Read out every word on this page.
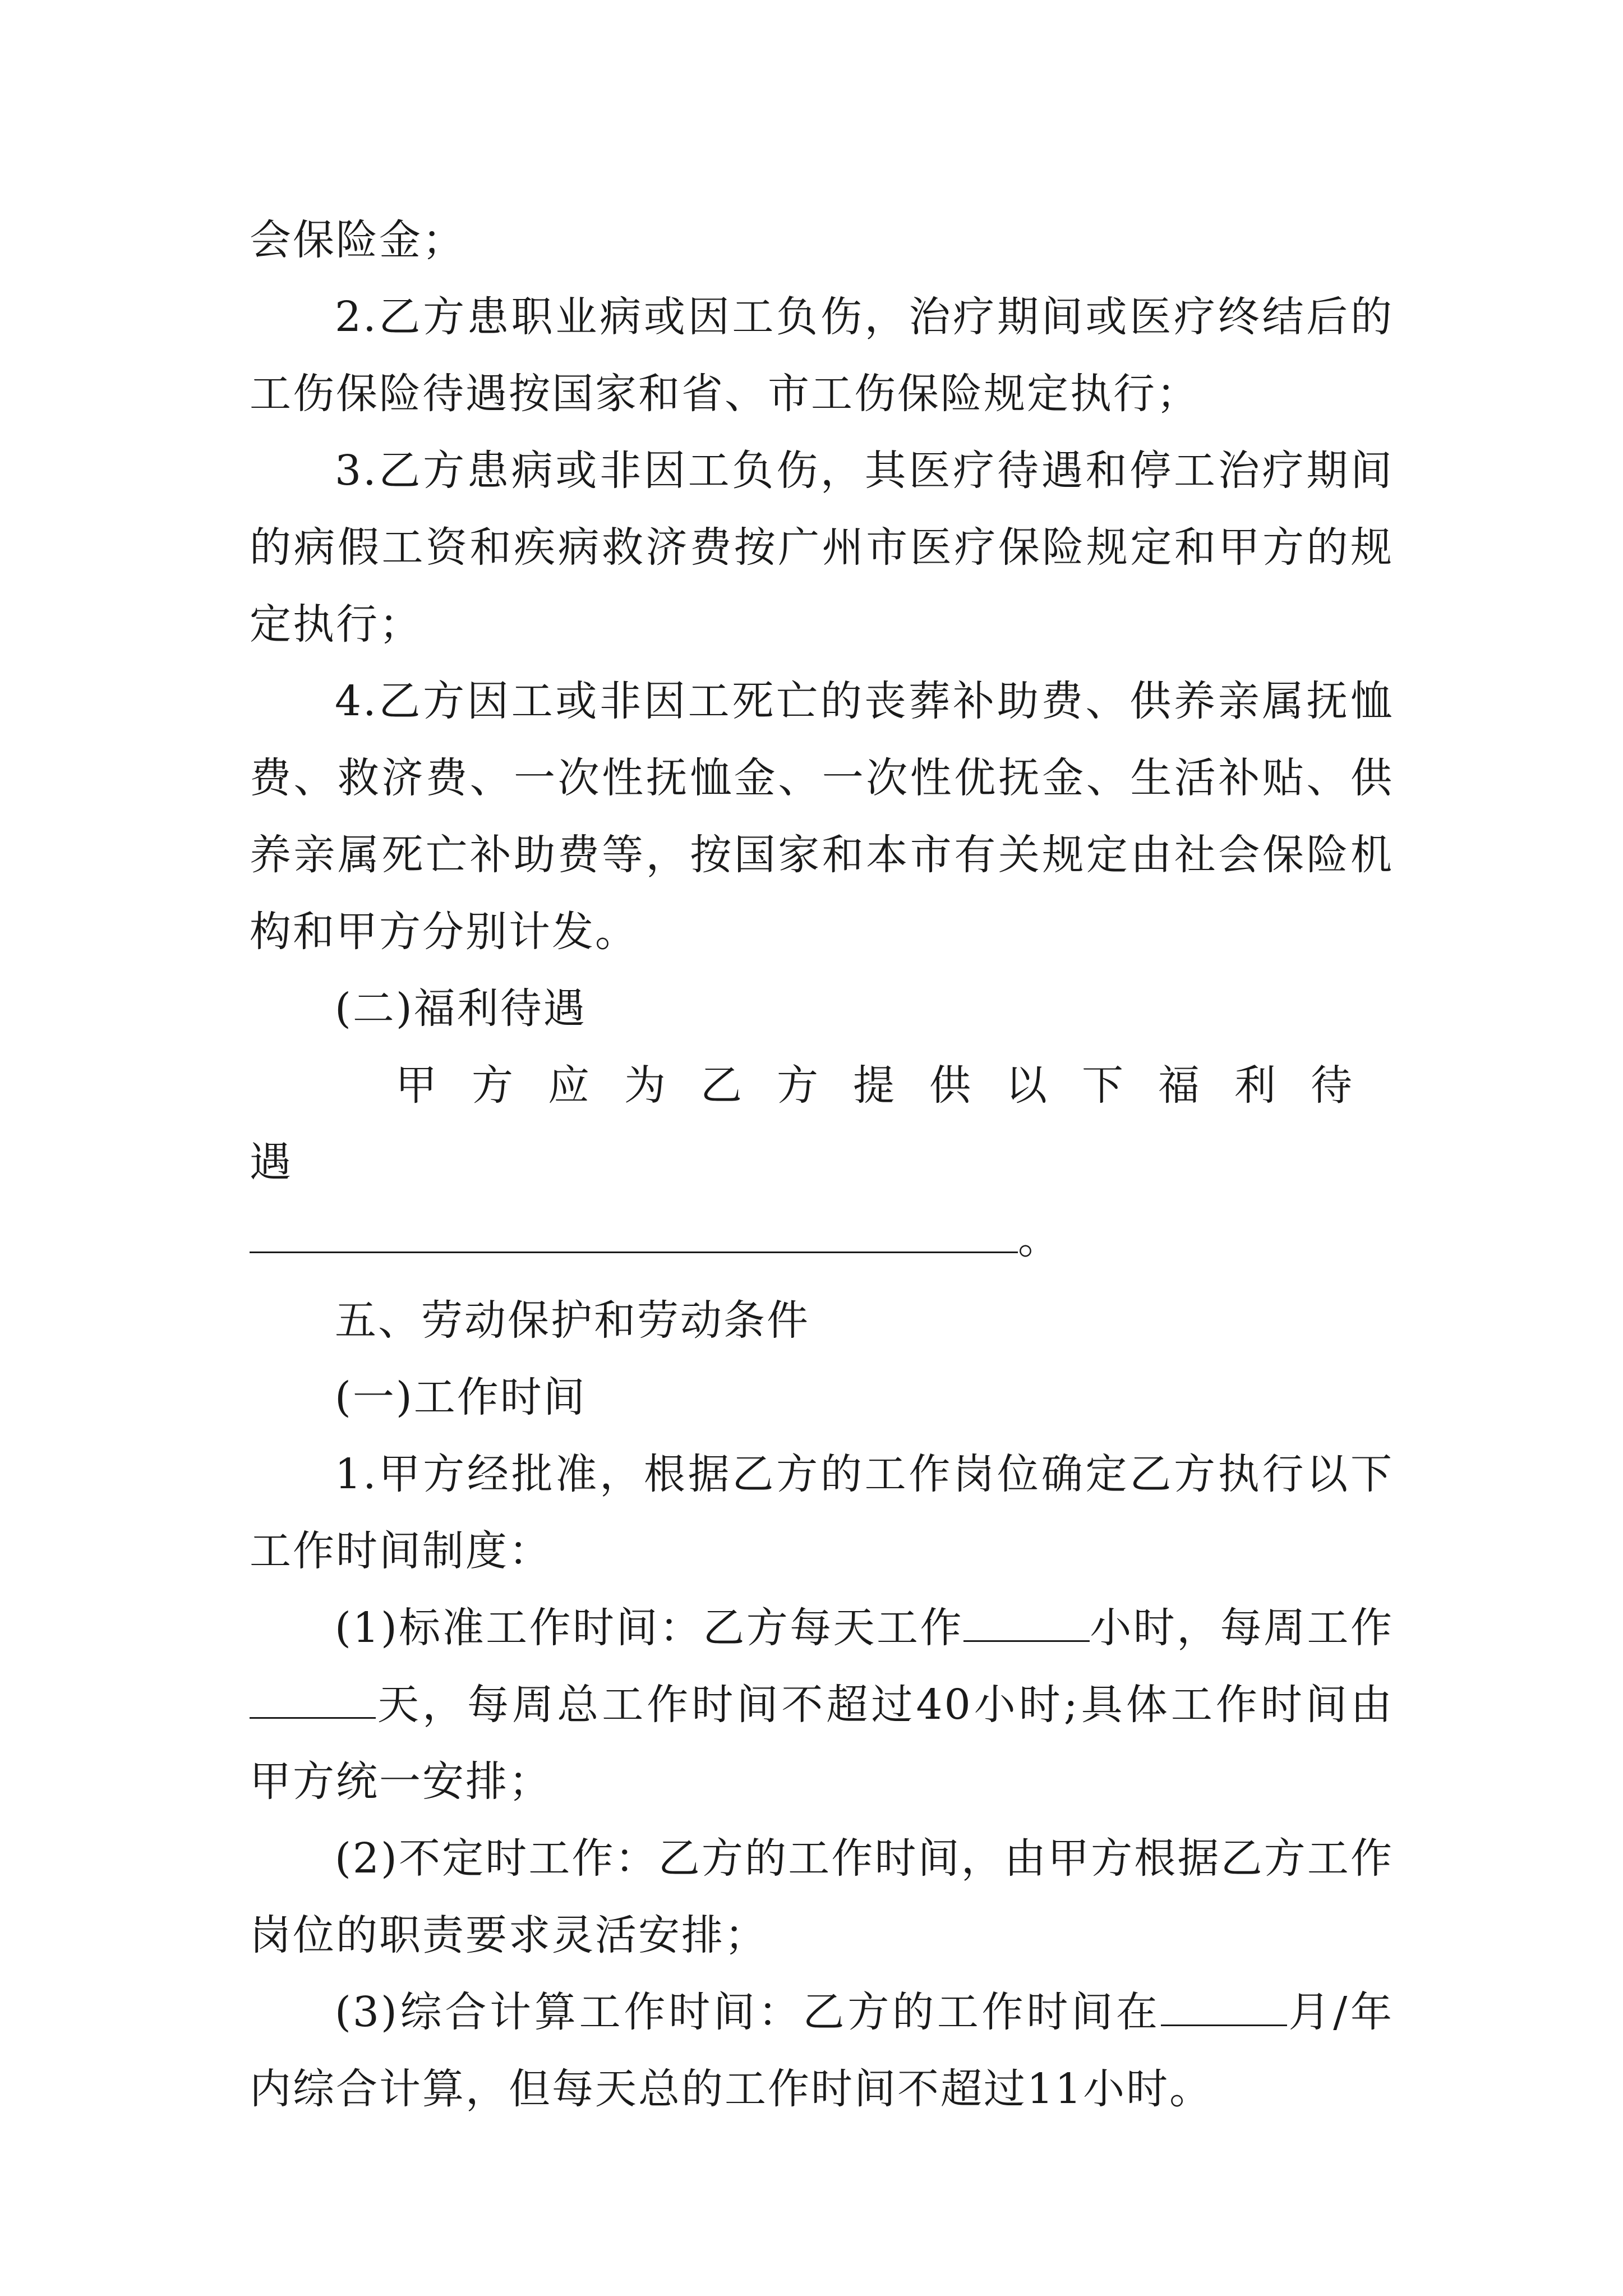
会保险金；

2.乙方患职业病或因工负伤，治疗期间或医疗终结后的工伤保险待遇按国家和省、市工伤保险规定执行；

3.乙方患病或非因工负伤，其医疗待遇和停工治疗期间的病假工资和疾病救济费按广州市医疗保险规定和甲方的规定执行；

4.乙方因工或非因工死亡的丧葬补助费、供养亲属抚恤费、救济费、一次性抚恤金、一次性优抚金、生活补贴、供养亲属死亡补助费等，按国家和本市有关规定由社会保险机构和甲方分别计发。

(二)福利待遇

甲方应为乙方提供以下福利待遇

。

五、劳动保护和劳动条件

(一)工作时间

1.甲方经批准，根据乙方的工作岗位确定乙方执行以下工作时间制度：

(1)标准工作时间：乙方每天工作	小时，每周工作天，每周总工作时间不超过40小时;具体工作时间由甲方统一安排；

(2)不定时工作：乙方的工作时间，由甲方根据乙方工作岗位的职责要求灵活安排；

(3)综合计算工作时间：乙方的工作时间在	月/年内综合计算，但每天总的工作时间不超过11小时。
